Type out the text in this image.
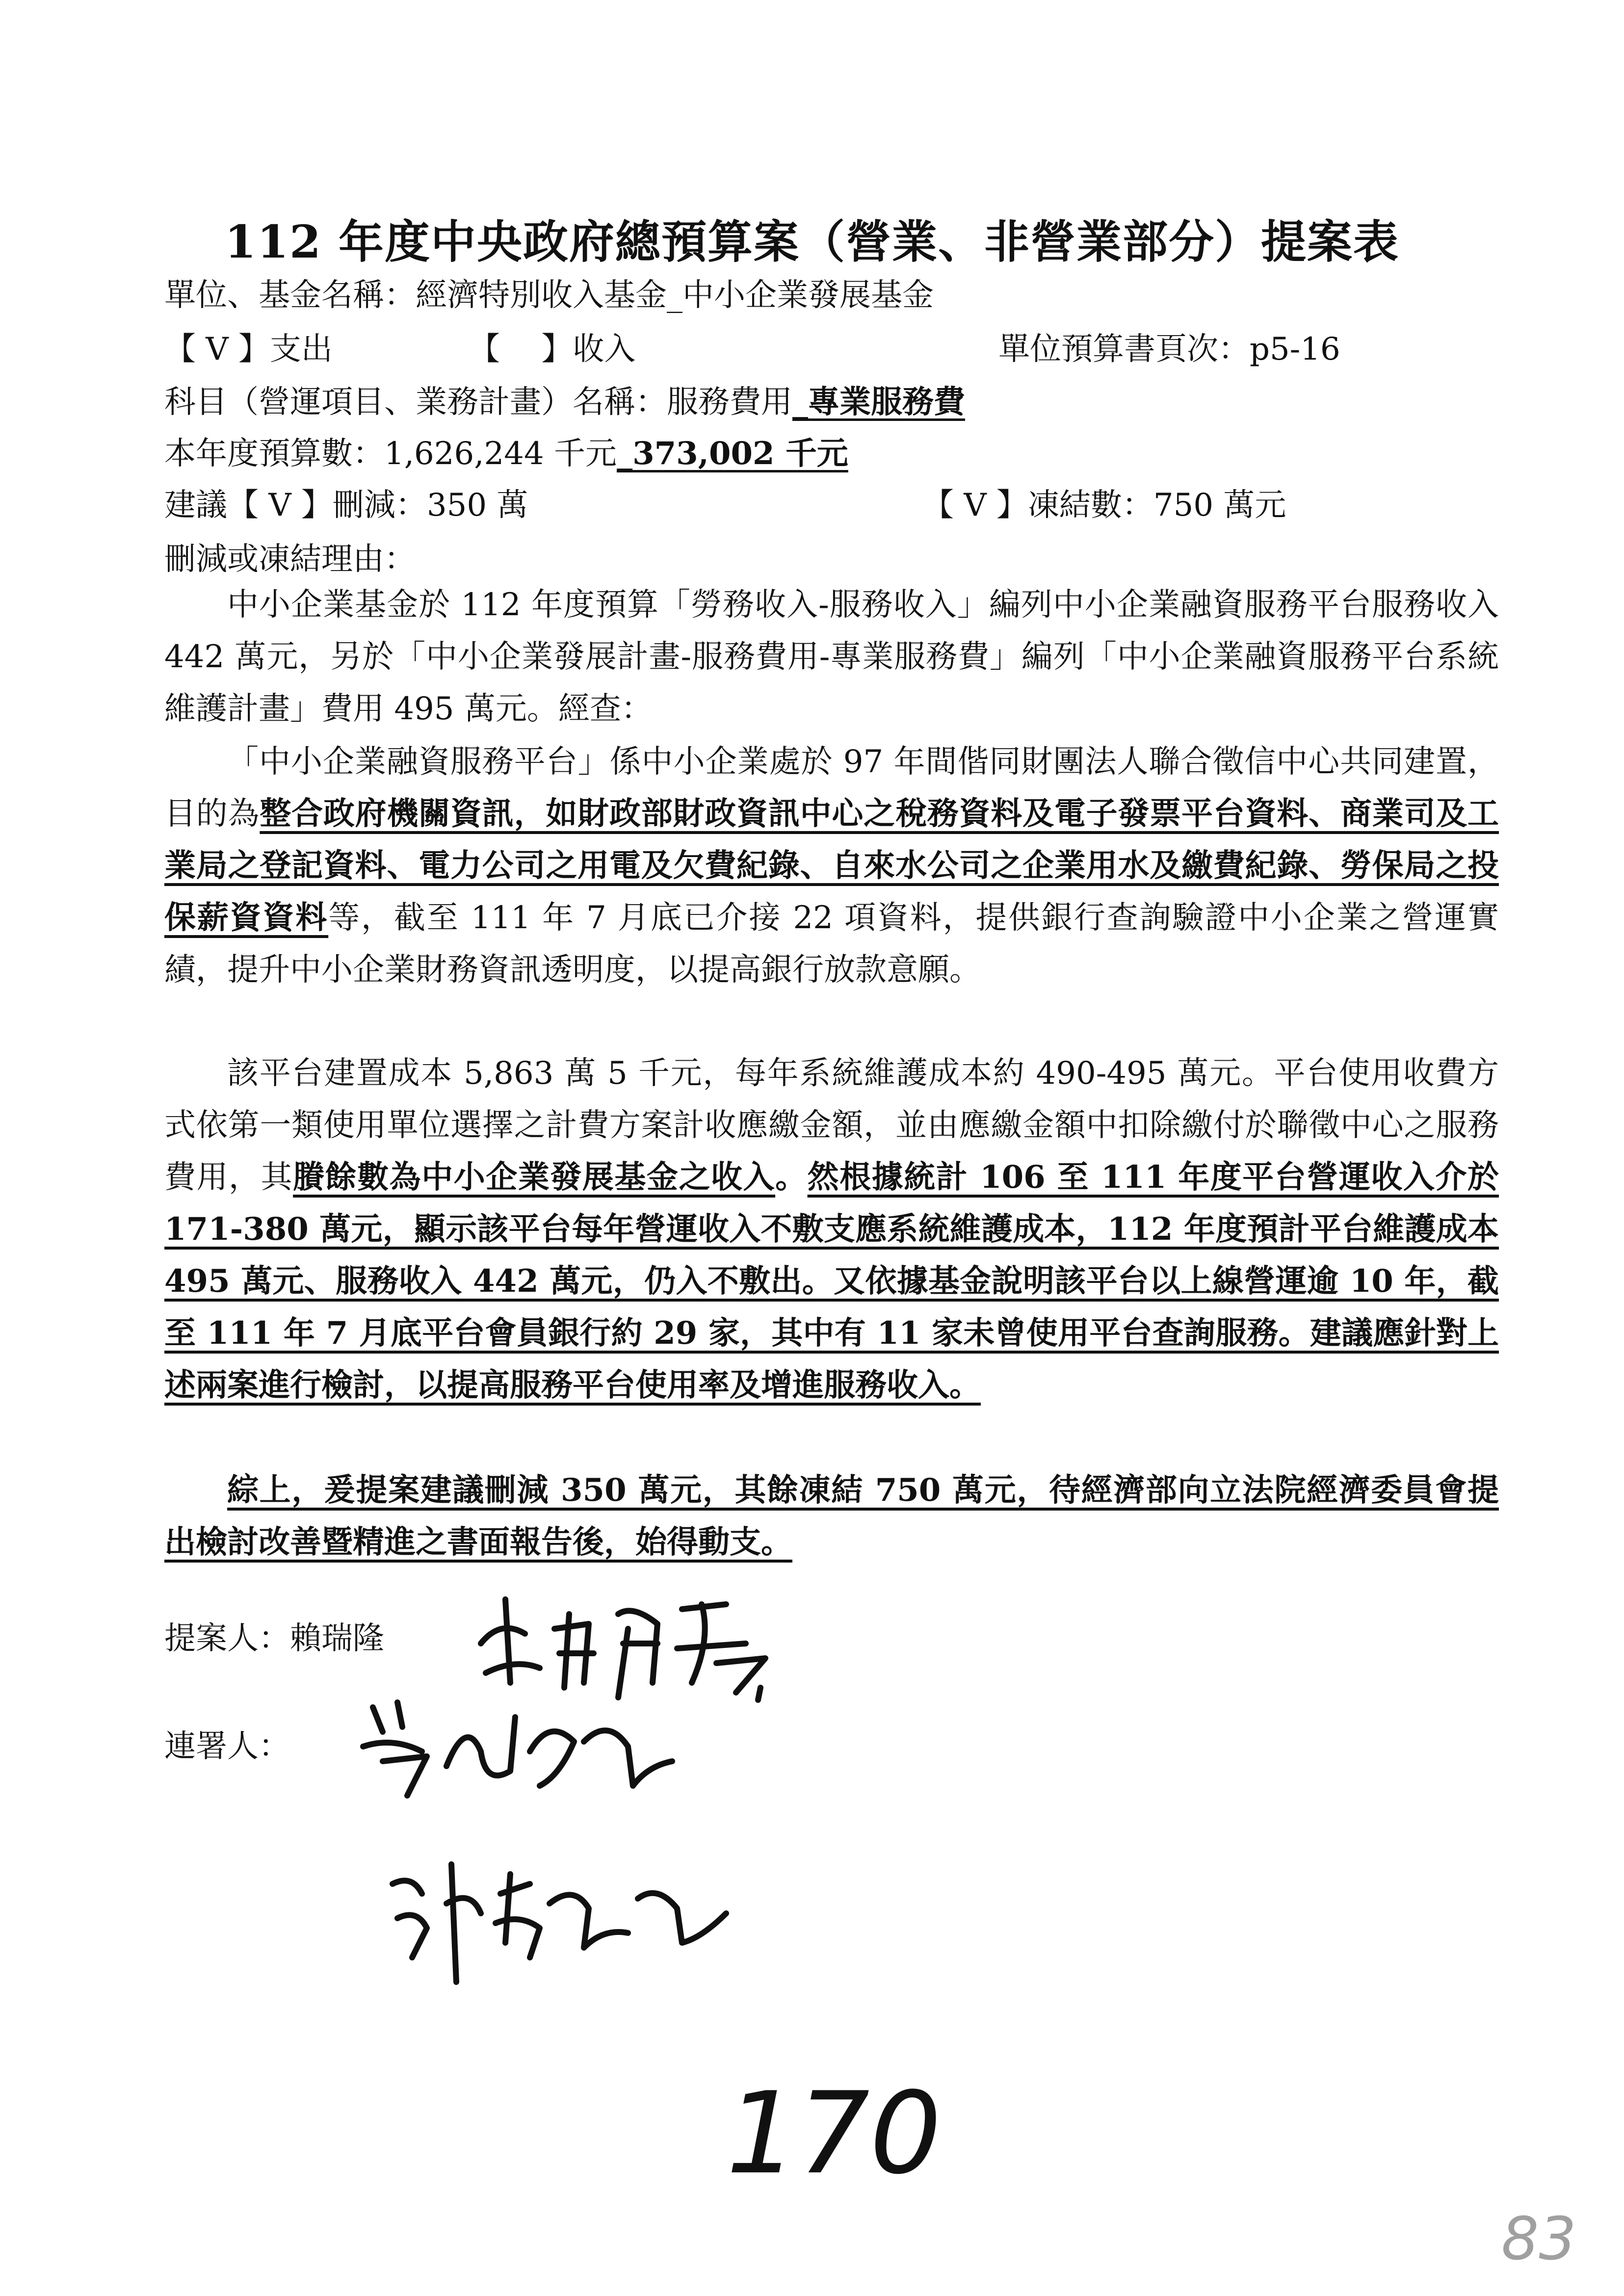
112 年度中央政府總預算案（營業、非營業部分）提案表
單位、基金名稱：經濟特別收入基金_中小企業發展基金
【 V 】支出	【　 】收入	單位預算書頁次：p5-16
科目（營運項目、業務計畫）名稱：服務費用_專業服務費
本年度預算數：1,626,244 千元_373,002 千元
建議【 V 】刪減：350 萬	【 V 】凍結數：750 萬元
刪減或凍結理由：
中小企業基金於 112 年度預算「勞務收入-服務收入」編列中小企業融資服務平台服務收入 442 萬元，另於「中小企業發展計畫-服務費用-專業服務費」編列「中小企業融資服務平台系統維護計畫」費用 495 萬元。經查：
「中小企業融資服務平台」係中小企業處於 97 年間偕同財團法人聯合徵信中心共同建置，目的為整合政府機關資訊，如財政部財政資訊中心之稅務資料及電子發票平台資料、商業司及工業局之登記資料、電力公司之用電及欠費紀錄、自來水公司之企業用水及繳費紀錄、勞保局之投保薪資資料等，截至 111 年 7 月底已介接 22 項資料，提供銀行查詢驗證中小企業之營運實績，提升中小企業財務資訊透明度，以提高銀行放款意願。
該平台建置成本 5,863 萬 5 千元，每年系統維護成本約 490-495 萬元。平台使用收費方式依第一類使用單位選擇之計費方案計收應繳金額，並由應繳金額中扣除繳付於聯徵中心之服務費用，其賸餘數為中小企業發展基金之收入。然根據統計 106 至 111 年度平台營運收入介於 171-380 萬元，顯示該平台每年營運收入不敷支應系統維護成本，112 年度預計平台維護成本 495 萬元、服務收入 442 萬元，仍入不敷出。又依據基金說明該平台以上線營運逾 10 年，截至 111 年 7 月底平台會員銀行約 29 家，其中有 11 家未曾使用平台查詢服務。建議應針對上述兩案進行檢討，以提高服務平台使用率及增進服務收入。
綜上，爰提案建議刪減 350 萬元，其餘凍結 750 萬元，待經濟部向立法院經濟委員會提出檢討改善暨精進之書面報告後，始得動支。
提案人：賴瑞隆
連署人：
170
83
